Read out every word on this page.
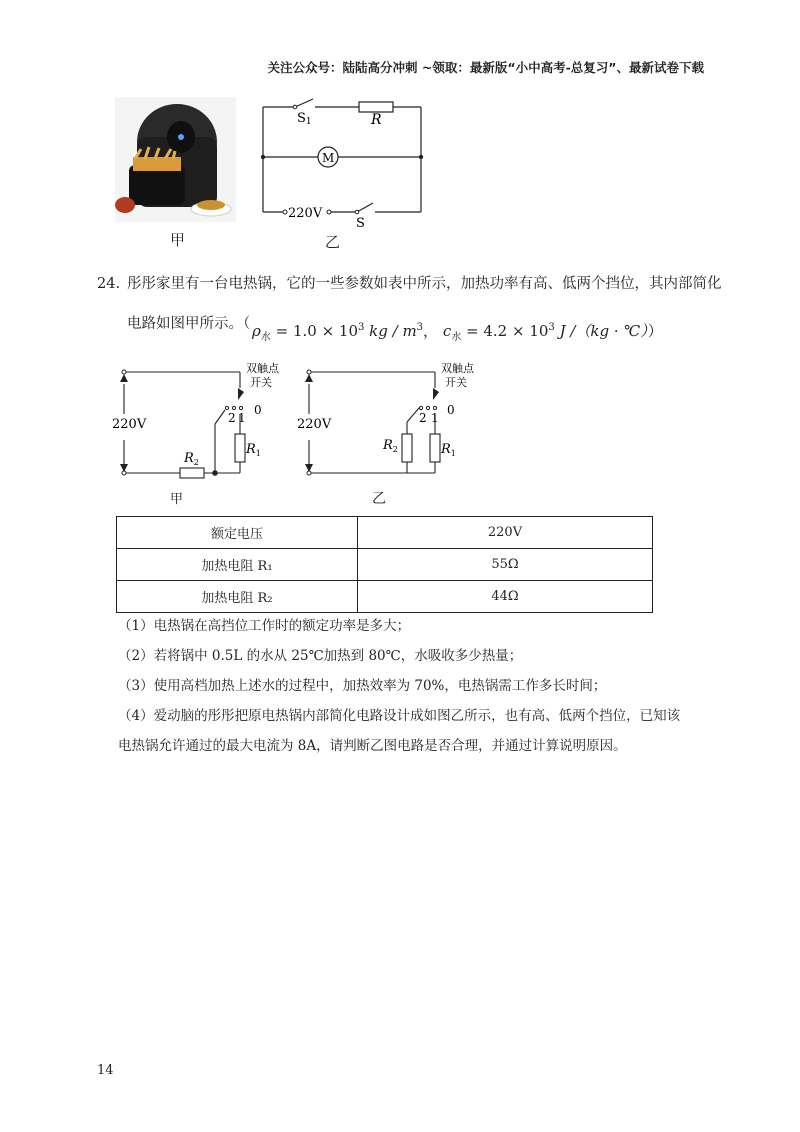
关注公众号：陆陆高分冲刺 ~领取：最新版“小中高考-总复习”、最新试卷下载
甲
S1	R
M
220V
S
乙
24. 彤彤家里有一台电热锅，它的一些参数如表中所示，加热功率有高、低两个挡位，其内部简化
电路如图甲所示。（ $\rho_水 = 1.0 \times 10^3$ kg / $m^3$， $c_水 = 4.2 \times 10^3$ J /（kg · ℃））
220V
双触点
开关
2 1
0
$R_1$
$R_2$
甲
220V
双触点
开关
2 1
0
$R_1$
$R_2$
乙
额定电压	220V
加热电阻 R₁	55Ω
加热电阻 R₂	44Ω
（1）电热锅在高挡位工作时的额定功率是多大；
（2）若将锅中 0.5L 的水从 25℃加热到 80℃，水吸收多少热量；
（3）使用高档加热上述水的过程中，加热效率为 70%，电热锅需工作多长时间；
（4）爱动脑的彤彤把原电热锅内部简化电路设计成如图乙所示，也有高、低两个挡位，已知该
电热锅允许通过的最大电流为 8A，请判断乙图电路是否合理，并通过计算说明原因。
14
